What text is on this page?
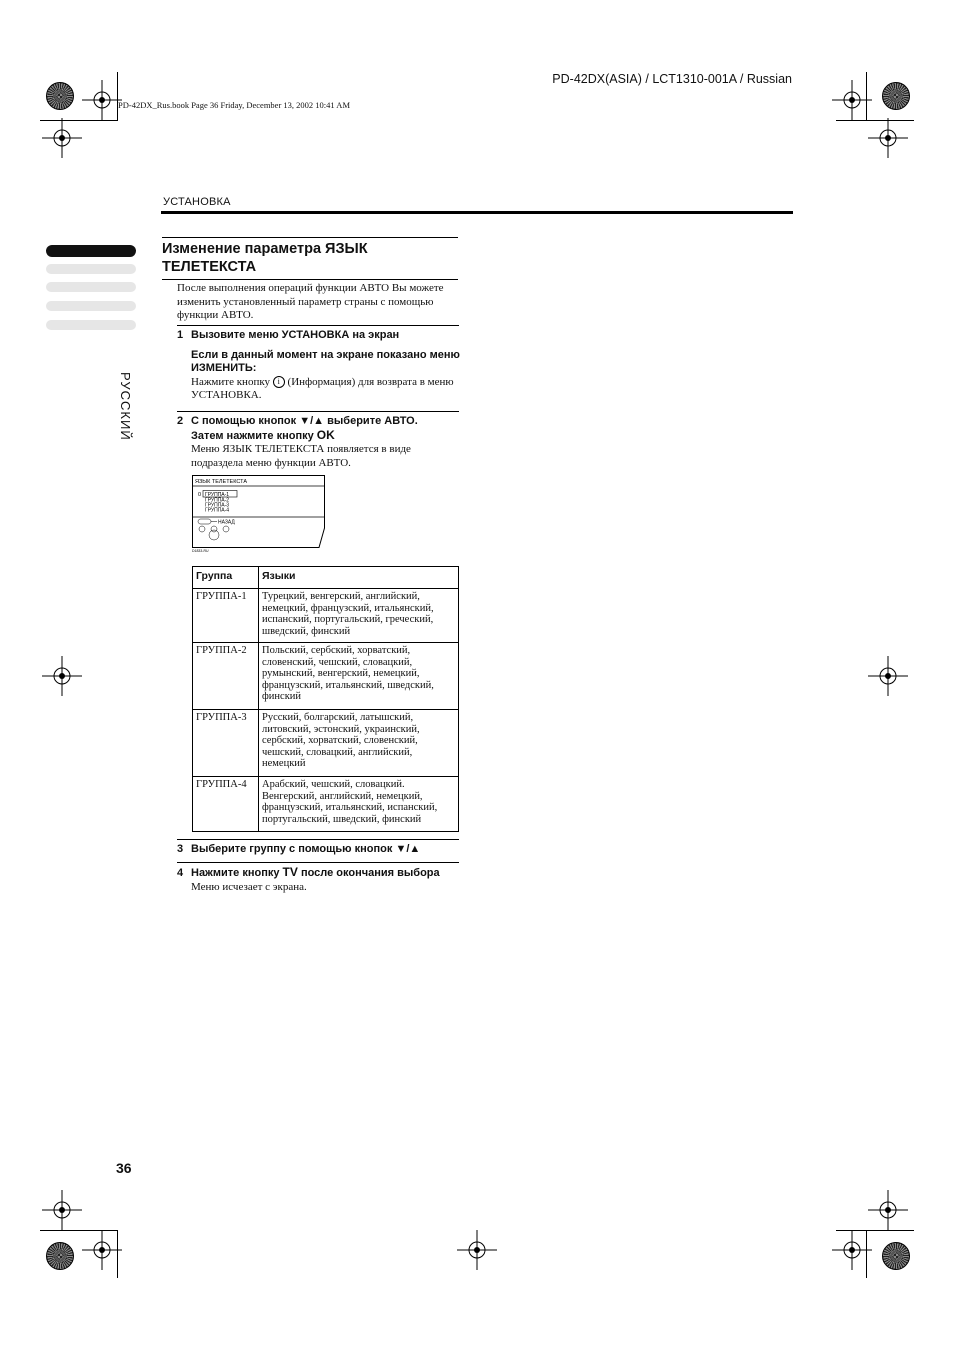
PD-42DX(ASIA) / LCT1310-001A / Russian
PD-42DX_Rus.book Page 36 Friday, December 13, 2002 10:41 AM
УСТАНОВКА
РУССКИЙ
Изменение параметра ЯЗЫК ТЕЛЕТЕКСТА
После выполнения операций функции АВТО Вы можете изменить установленный параметр страны с помощью функции АВТО.
1 Вызовите меню УСТАНОВКА на экран
Если в данный момент на экране показано меню ИЗМЕНИТЬ:
Нажмите кнопку i (Информация) для возврата в меню УСТАНОВКА.
2 С помощью кнопок ▼/▲ выберите АВТО.
Затем нажмите кнопку OK
Меню ЯЗЫК ТЕЛЕТЕКСТА появляется в виде подраздела меню функции АВТО.
ЯЗЫК ТЕЛЕТЕКСТА
0 ГРУППА-1
ГРУППА-2
ГРУППА-3
ГРУППА-4
НАЗАД
D1833-RU
Группа	Языки
ГРУППА-1	Турецкий, венгерский, английский, немецкий, французский, итальянский, испанский, португальский, греческий, шведский, финский
ГРУППА-2	Польский, сербский, хорватский, словенский, чешский, словацкий, румынский, венгерский, немецкий, французский, итальянский, шведский, финский
ГРУППА-3	Русский, болгарский, латышский, литовский, эстонский, украинский, сербский, хорватский, словенский, чешский, словацкий, английский, немецкий
ГРУППА-4	Арабский, чешский, словацкий. Венгерский, английский, немецкий, французский, итальянский, испанский, португальский, шведский, финский
3 Выберите группу с помощью кнопок ▼/▲
4 Нажмите кнопку TV после окончания выбора
Меню исчезает с экрана.
36
